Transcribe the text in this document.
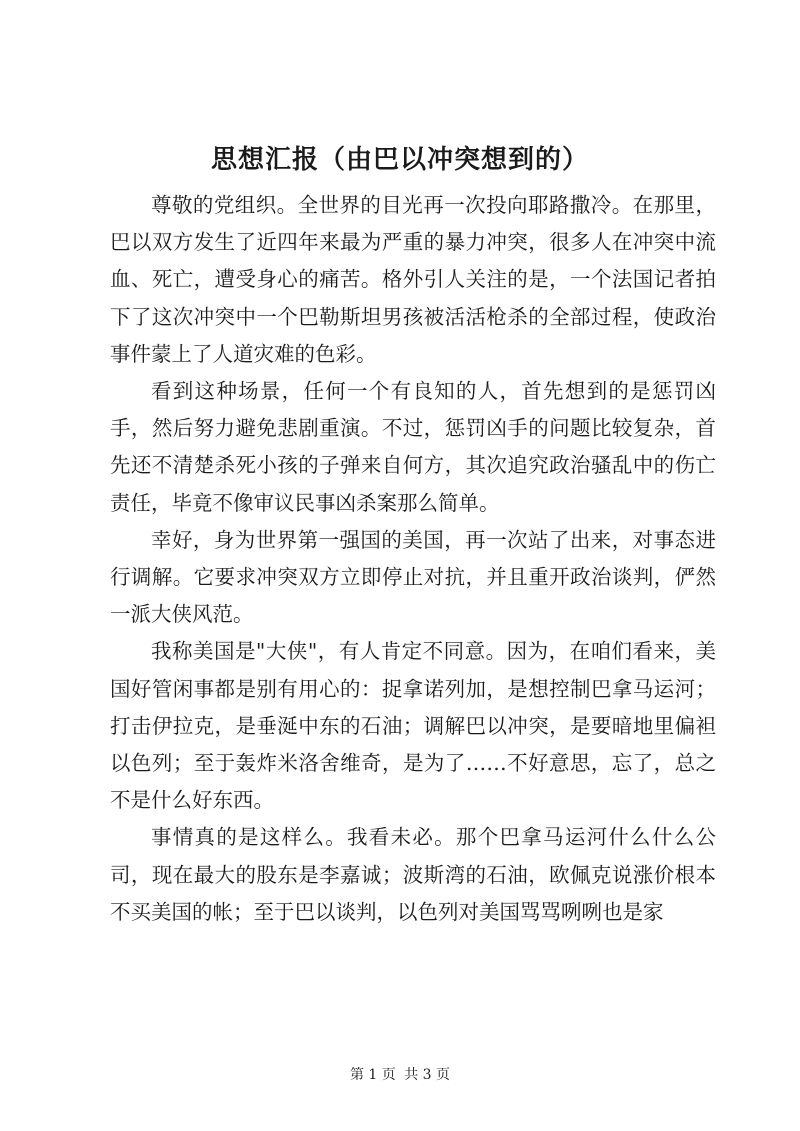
思想汇报（由巴以冲突想到的）

尊敬的党组织。全世界的目光再一次投向耶路撒冷。在那里，巴以双方发生了近四年来最为严重的暴力冲突，很多人在冲突中流血、死亡，遭受身心的痛苦。格外引人关注的是，一个法国记者拍下了这次冲突中一个巴勒斯坦男孩被活活枪杀的全部过程，使政治事件蒙上了人道灾难的色彩。

看到这种场景，任何一个有良知的人，首先想到的是惩罚凶手，然后努力避免悲剧重演。不过，惩罚凶手的问题比较复杂，首先还不清楚杀死小孩的子弹来自何方，其次追究政治骚乱中的伤亡责任，毕竟不像审议民事凶杀案那么简单。

幸好，身为世界第一强国的美国，再一次站了出来，对事态进行调解。它要求冲突双方立即停止对抗，并且重开政治谈判，俨然一派大侠风范。

我称美国是"大侠"，有人肯定不同意。因为，在咱们看来，美国好管闲事都是别有用心的：捉拿诺列加，是想控制巴拿马运河；打击伊拉克，是垂涎中东的石油；调解巴以冲突，是要暗地里偏袒以色列；至于轰炸米洛舍维奇，是为了……不好意思，忘了，总之不是什么好东西。

事情真的是这样么。我看未必。那个巴拿马运河什么什么公司，现在最大的股东是李嘉诚；波斯湾的石油，欧佩克说涨价根本不买美国的帐；至于巴以谈判，以色列对美国骂骂咧咧也是家

第 1 页 共 3 页
